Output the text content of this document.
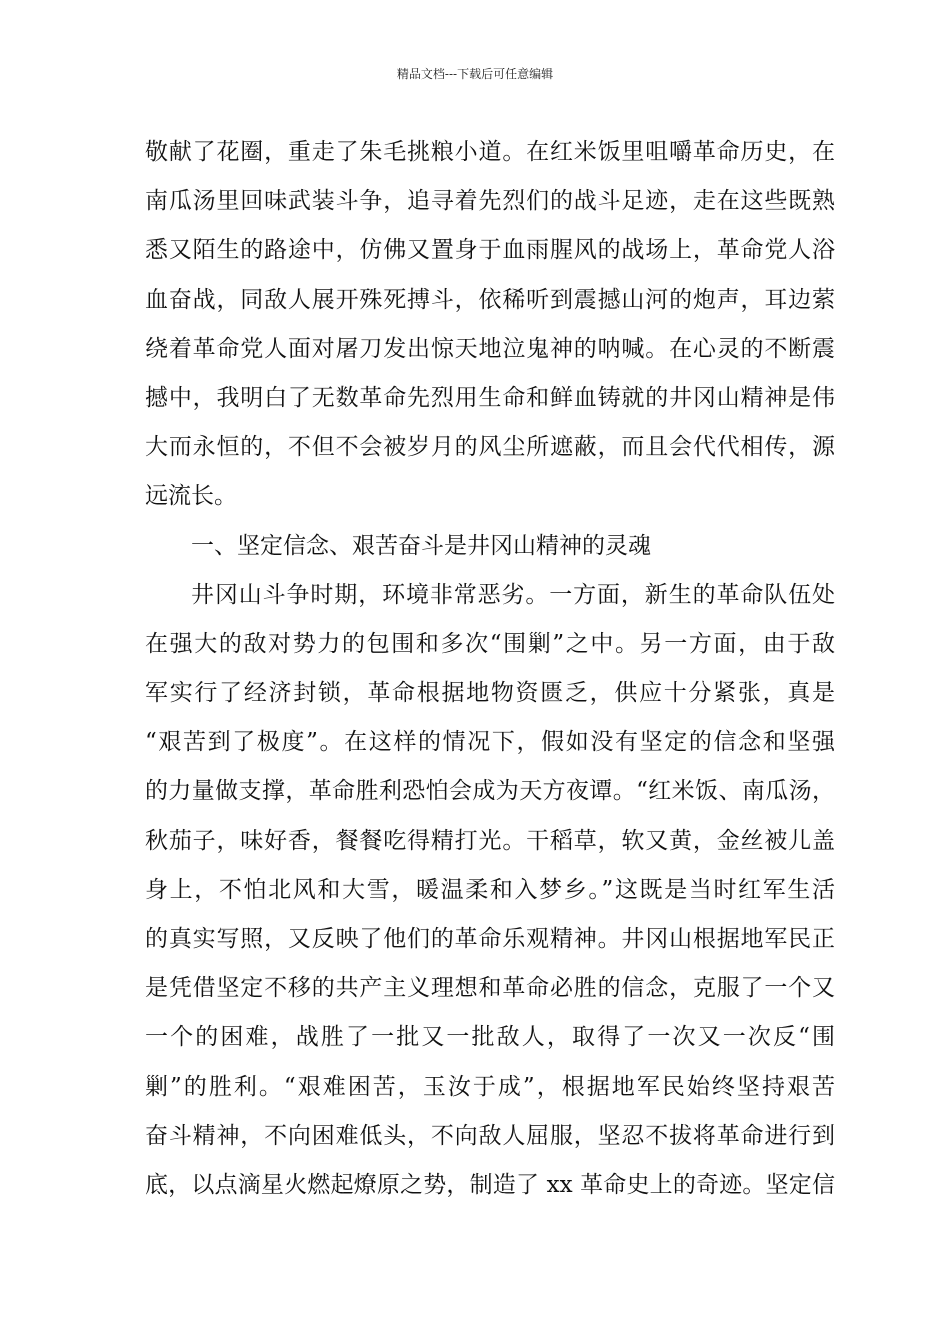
精品文档---下载后可任意编辑
敬献了花圈，重走了朱毛挑粮小道。在红米饭里咀嚼革命历史，在
南瓜汤里回味武装斗争，追寻着先烈们的战斗足迹，走在这些既熟
悉又陌生的路途中，仿佛又置身于血雨腥风的战场上，革命党人浴
血奋战，同敌人展开殊死搏斗，依稀听到震撼山河的炮声，耳边萦
绕着革命党人面对屠刀发出惊天地泣鬼神的呐喊。在心灵的不断震
撼中，我明白了无数革命先烈用生命和鲜血铸就的井冈山精神是伟
大而永恒的，不但不会被岁月的风尘所遮蔽，而且会代代相传，源
远流长。
一、坚定信念、艰苦奋斗是井冈山精神的灵魂
井冈山斗争时期，环境非常恶劣。一方面，新生的革命队伍处
在强大的敌对势力的包围和多次“围剿”之中。另一方面，由于敌
军实行了经济封锁，革命根据地物资匮乏，供应十分紧张，真是
“艰苦到了极度”。在这样的情况下，假如没有坚定的信念和坚强
的力量做支撑，革命胜利恐怕会成为天方夜谭。“红米饭、南瓜汤，
秋茄子，味好香，餐餐吃得精打光。干稻草，软又黄，金丝被儿盖
身上，不怕北风和大雪，暖温柔和入梦乡。”这既是当时红军生活
的真实写照，又反映了他们的革命乐观精神。井冈山根据地军民正
是凭借坚定不移的共产主义理想和革命必胜的信念，克服了一个又
一个的困难，战胜了一批又一批敌人，取得了一次又一次反“围
剿”的胜利。“艰难困苦，玉汝于成”，根据地军民始终坚持艰苦
奋斗精神，不向困难低头，不向敌人屈服，坚忍不拔将革命进行到
底，以点滴星火燃起燎原之势，制造了 xx 革命史上的奇迹。坚定信
